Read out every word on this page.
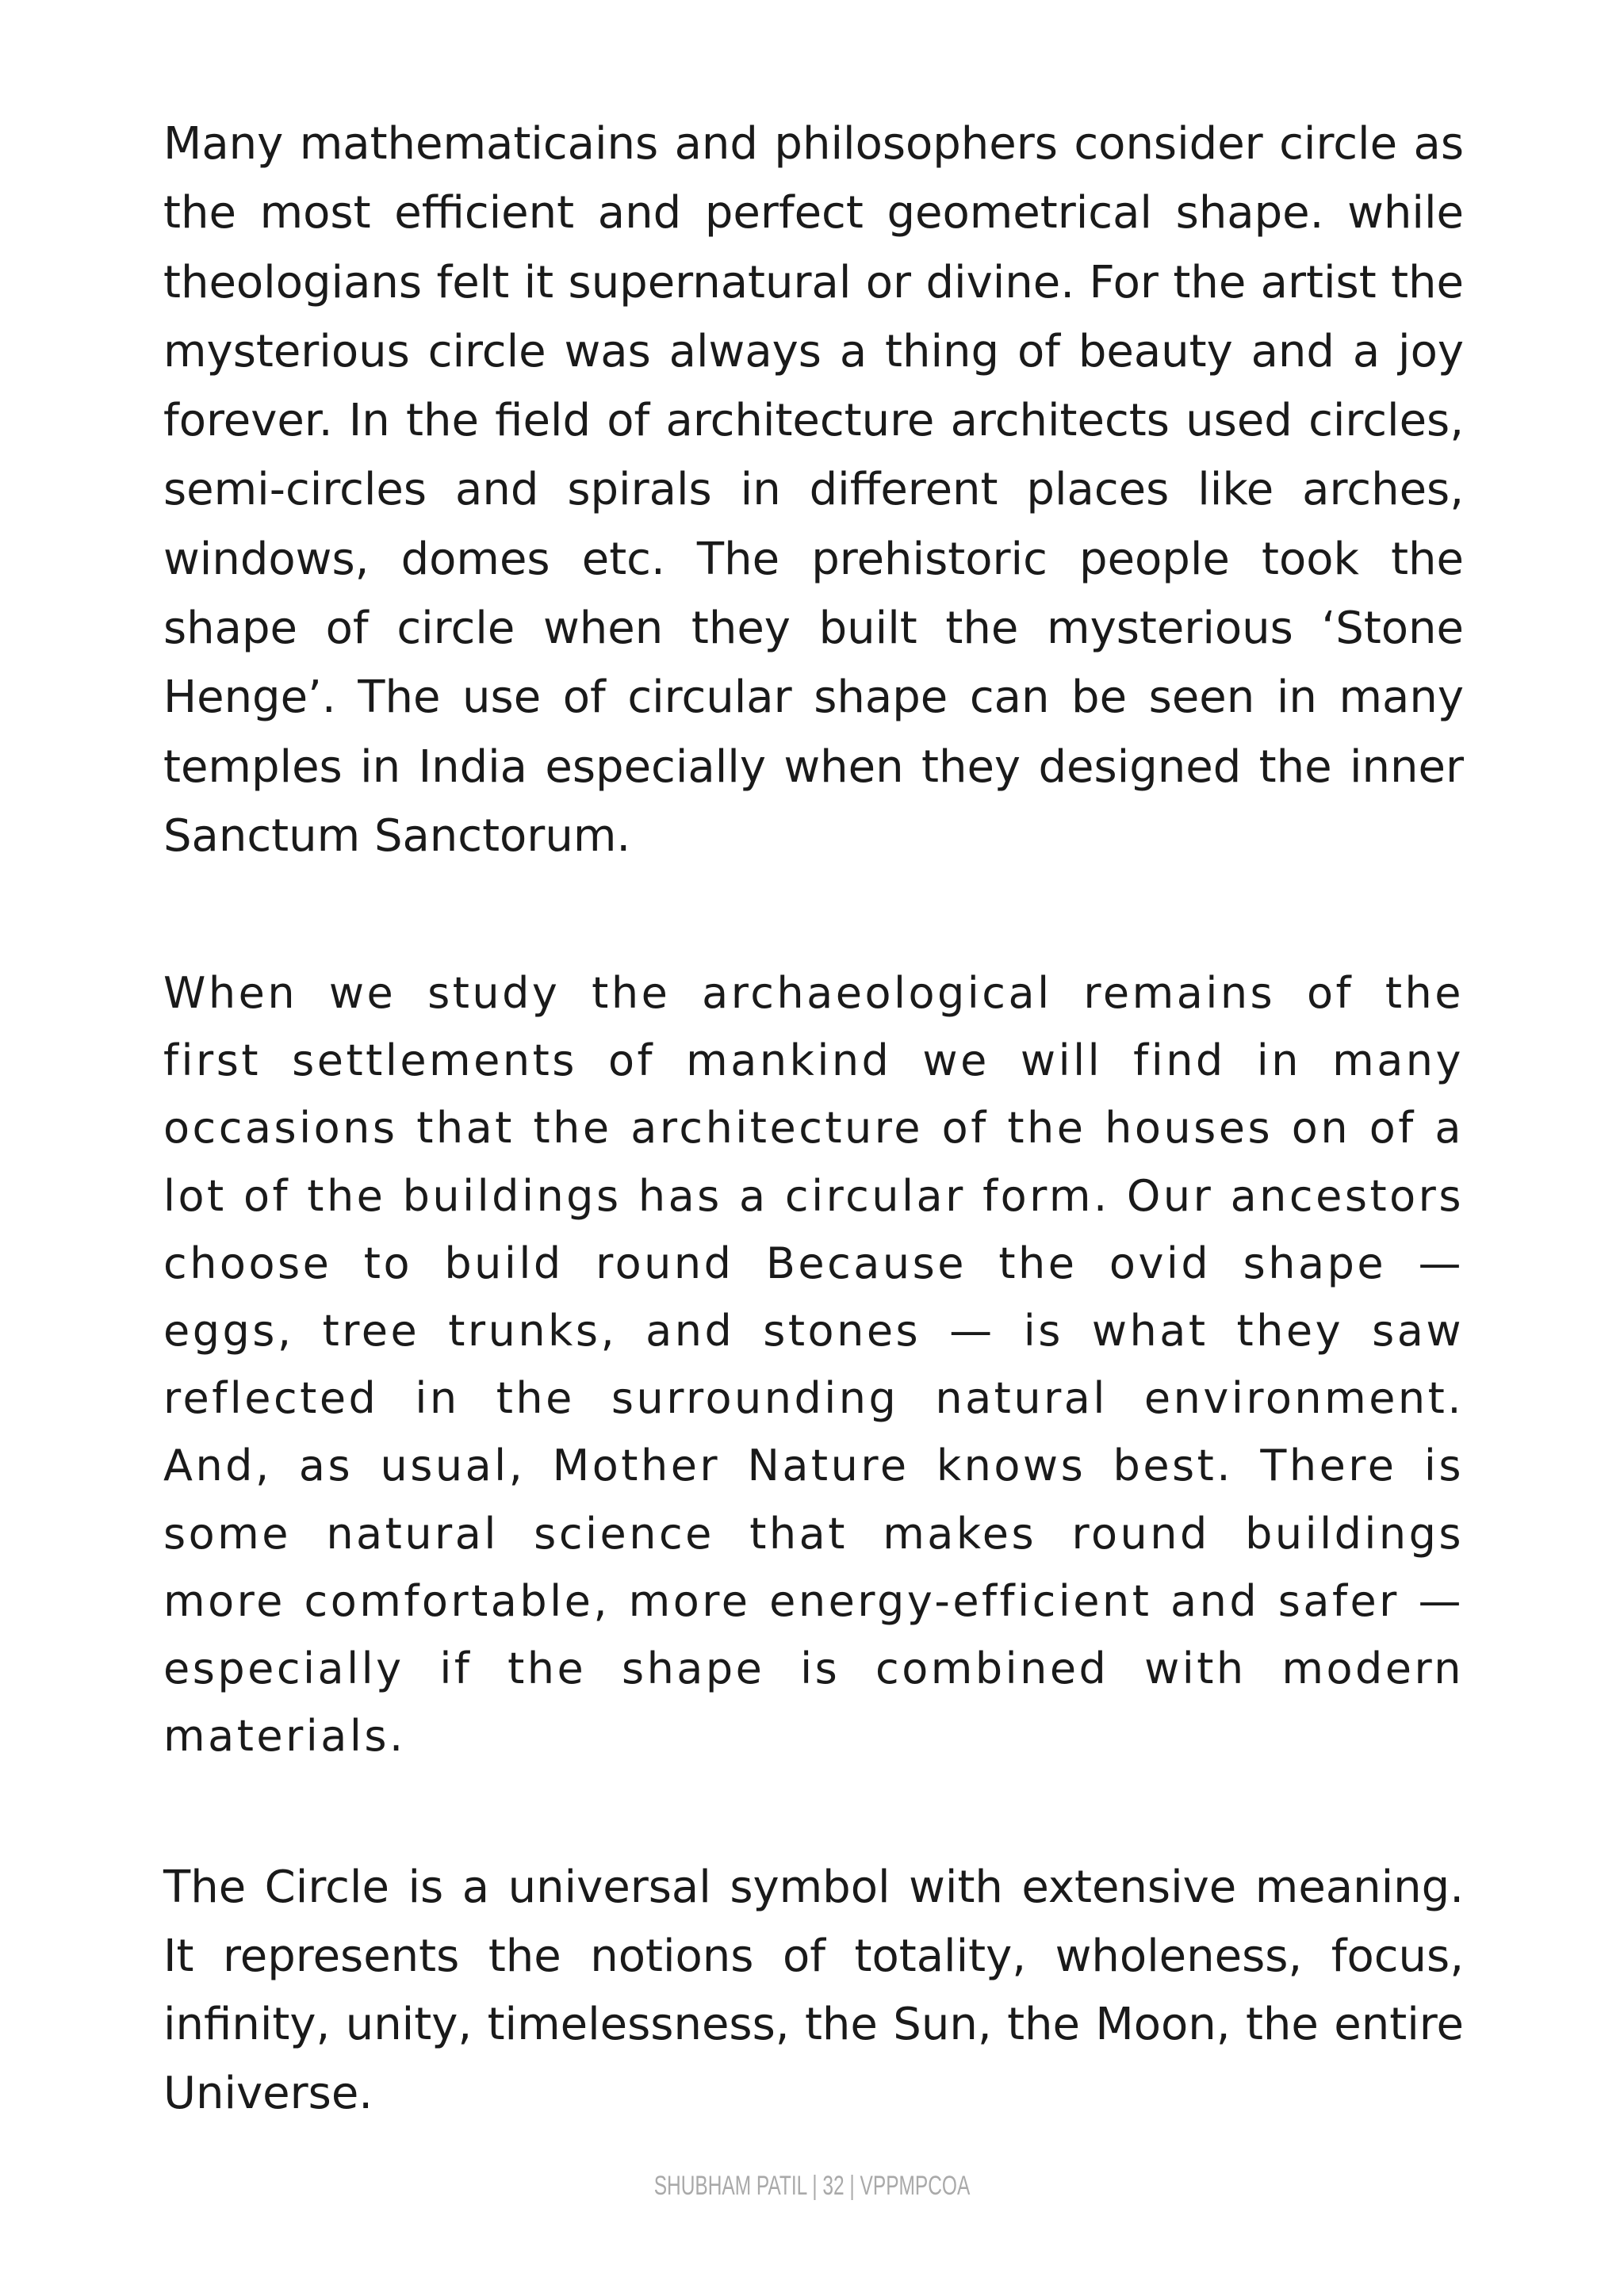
Many mathematicains and philosophers consider circle as the most efficient and perfect geometrical shape. while theologians felt it supernatural or divine. For the artist the mysterious circle was always a thing of beauty and a joy forever. In the field of architecture architects used circles, semi-circles and spirals in different places like arches, windows, domes etc. The prehistoric people took the shape of circle when they built the mysterious ‘Stone Henge’. The use of circular shape can be seen in many temples in India especially when they designed the inner Sanctum Sanctorum.

When we study the archaeological remains of the first settlements of mankind we will find in many occasions that the architecture of the houses on of a lot of the buildings has a circular form. Our ancestors choose to build round Because the ovid shape — eggs, tree trunks, and stones — is what they saw reflected in the surrounding natural environment. And, as usual, Mother Nature knows best. There is some natural science that makes round buildings more comfortable, more energy-efficient and safer — especially if the shape is combined with modern materials.

The Circle is a universal symbol with extensive meaning. It represents the notions of totality, wholeness, focus, infinity, unity, timelessness, the Sun, the Moon, the entire Universe.

SHUBHAM PATIL | 32 | VPPMPCOA
